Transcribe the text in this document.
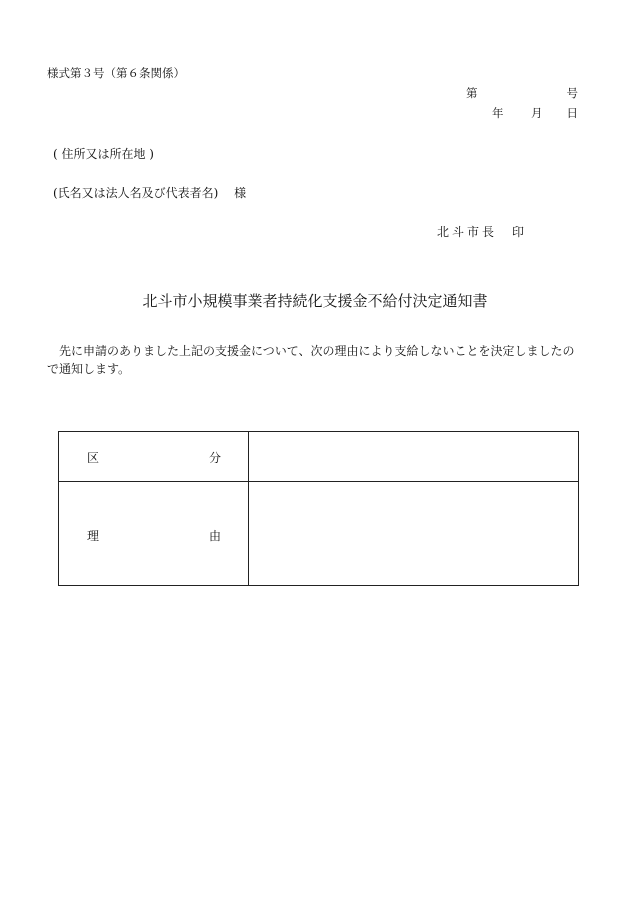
様式第３号（第６条関係）
第	号
年 月 日
( 住所又は所在地 )
(氏名又は法人名及び代表者名)　 様
北斗市長　印
北斗市小規模事業者持続化支援金不給付決定通知書
先に申請のありました上記の支援金について、次の理由により支給しないことを決定しましたので通知します。
区	分
理	由
